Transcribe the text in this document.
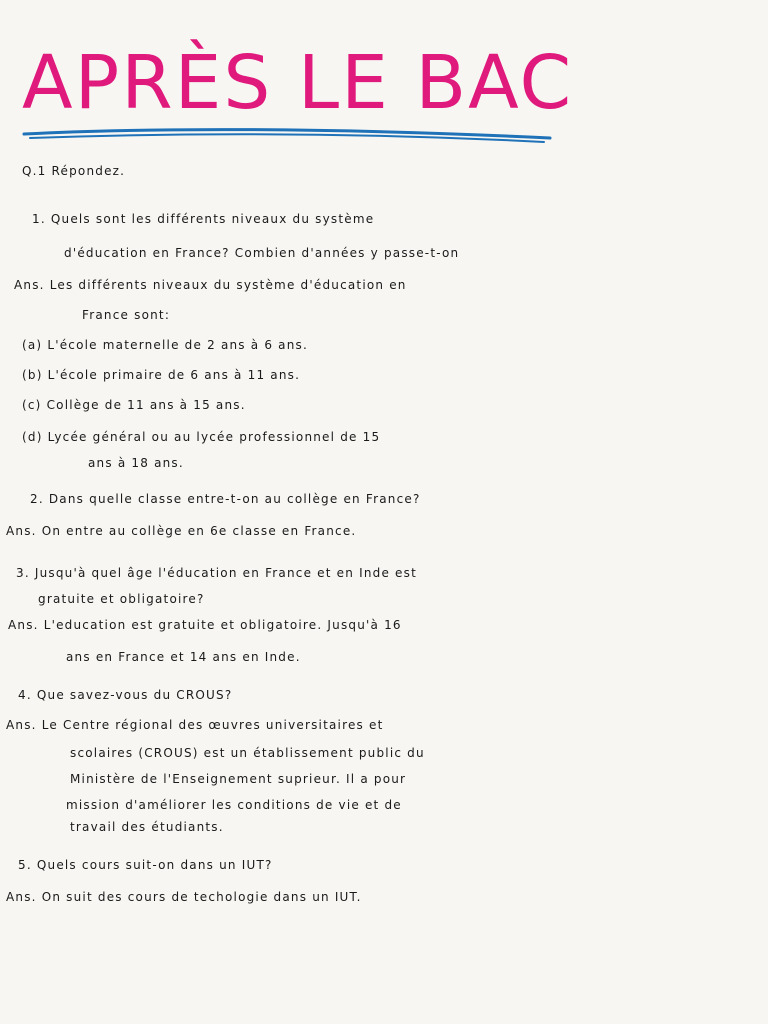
APRÈS LE BAC
Q.1 Répondez.
1. Quels sont les différents niveaux du système
d'éducation en France? Combien d'années y passe-t-on
Ans. Les différents niveaux du système d'éducation en
France sont:
(a) L'école maternelle de 2 ans à 6 ans.
(b) L'école primaire de 6 ans à 11 ans.
(c) Collège de 11 ans à 15 ans.
(d) Lycée général ou au lycée professionnel de 15
ans à 18 ans.
2. Dans quelle classe entre-t-on au collège en France?
Ans. On entre au collège en 6e classe en France.
3. Jusqu'à quel âge l'éducation en France et en Inde est
gratuite et obligatoire?
Ans. L'education est gratuite et obligatoire. Jusqu'à 16
ans en France et 14 ans en Inde.
4. Que savez-vous du CROUS?
Ans. Le Centre régional des œuvres universitaires et
scolaires (CROUS) est un établissement public du
Ministère de l'Enseignement suprieur. Il a pour
mission d'améliorer les conditions de vie et de
travail des étudiants.
5. Quels cours suit-on dans un IUT?
Ans. On suit des cours de techologie dans un IUT.
